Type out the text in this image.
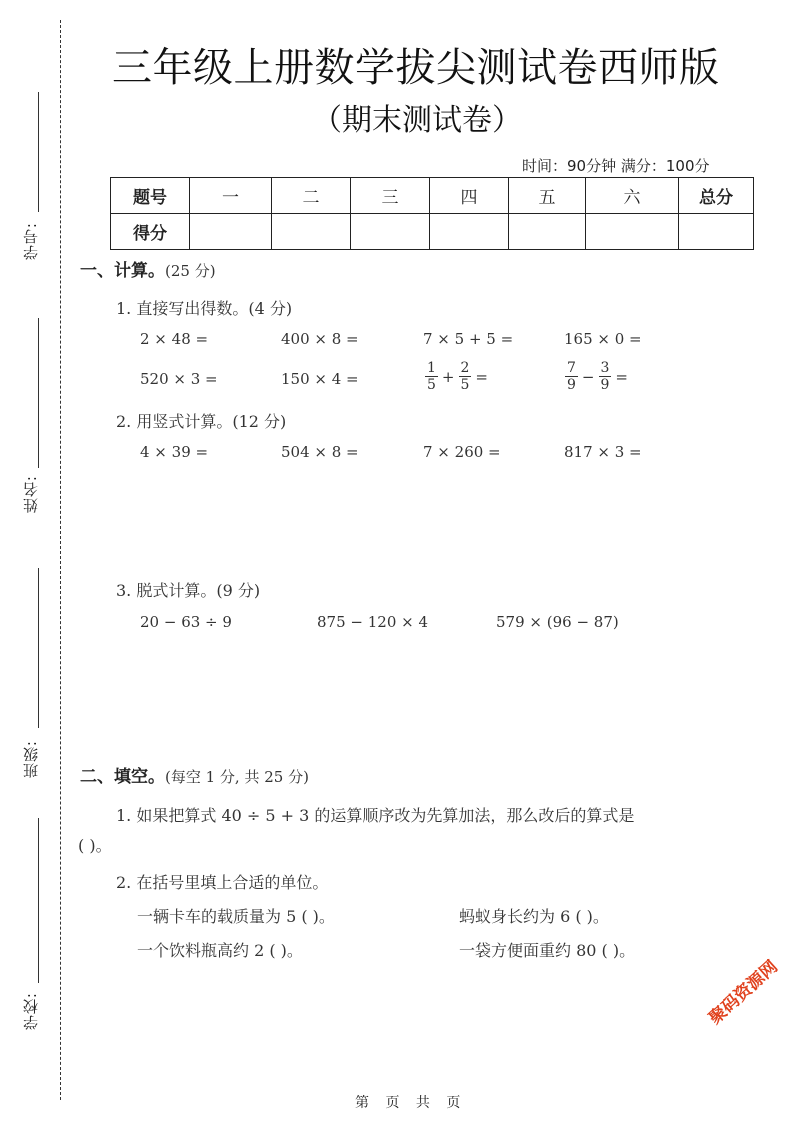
学号:
姓名:
班级:
学校:
三年级上册数学拔尖测试卷西师版
（期末测试卷）
时间：90分钟 满分：100分
题号	一	二	三	四	五	六	总分
得分							
一、计算。(25 分)
1. 直接写出得数。(4 分)
2 × 48 =	400 × 8 =	7 × 5 + 5 =	165 × 0 =
520 × 3 =	150 × 4 =	$\frac{1}{5} + \frac{2}{5}$ =	$\frac{7}{9} - \frac{3}{9}$ =
2. 用竖式计算。(12 分)
4 × 39 =	504 × 8 =	7 × 260 =	817 × 3 =
3. 脱式计算。(9 分)
20 − 63 ÷ 9	875 − 120 × 4	579 × (96 − 87)
二、填空。(每空 1 分, 共 25 分)
1. 如果把算式 40 ÷ 5 + 3 的运算顺序改为先算加法，那么改后的算式是
( )。
2. 在括号里填上合适的单位。
一辆卡车的载质量为 5 ( )。	蚂蚁身长约为 6 ( )。
一个饮料瓶高约 2 ( )。	一袋方便面重约 80 ( )。
聚码资源网
第 页 共 页
